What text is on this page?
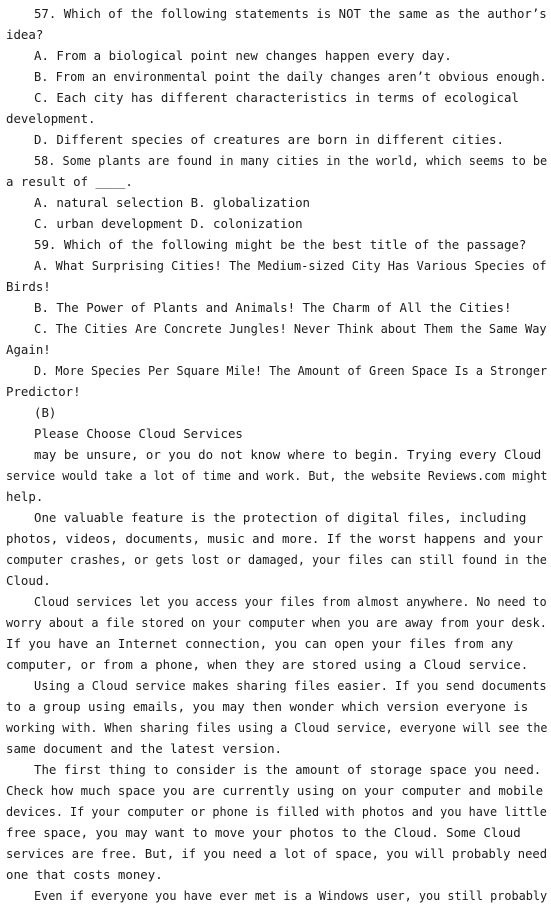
57. Which of the following statements is NOT the same as the author’s
idea?
A. From a biological point new changes happen every day.
B. From an environmental point the daily changes aren’t obvious enough.
C. Each city has different characteristics in terms of ecological
development.
D. Different species of creatures are born in different cities.
58. Some plants are found in many cities in the world, which seems to be
a result of ____.
A. natural selection B. globalization
C. urban development D. colonization
59. Which of the following might be the best title of the passage?
A. What Surprising Cities! The Medium-sized City Has Various Species of
Birds!
B. The Power of Plants and Animals! The Charm of All the Cities!
C. The Cities Are Concrete Jungles! Never Think about Them the Same Way
Again!
D. More Species Per Square Mile! The Amount of Green Space Is a Stronger
Predictor!
(B)
Please Choose Cloud Services
may be unsure, or you do not know where to begin. Trying every Cloud
service would take a lot of time and work. But, the website Reviews.com might
help.
One valuable feature is the protection of digital files, including
photos, videos, documents, music and more. If the worst happens and your
computer crashes, or gets lost or damaged, your files can still found in the
Cloud.
Cloud services let you access your files from almost anywhere. No need to
worry about a file stored on your computer when you are away from your desk.
If you have an Internet connection, you can open your files from any
computer, or from a phone, when they are stored using a Cloud service.
Using a Cloud service makes sharing files easier. If you send documents
to a group using emails, you may then wonder which version everyone is
working with. When sharing files using a Cloud service, everyone will see the
same document and the latest version.
The first thing to consider is the amount of storage space you need.
Check how much space you are currently using on your computer and mobile
devices. If your computer or phone is filled with photos and you have little
free space, you may want to move your photos to the Cloud. Some Cloud
services are free. But, if you need a lot of space, you will probably need
one that costs money.
Even if everyone you have ever met is a Windows user, you still probably
